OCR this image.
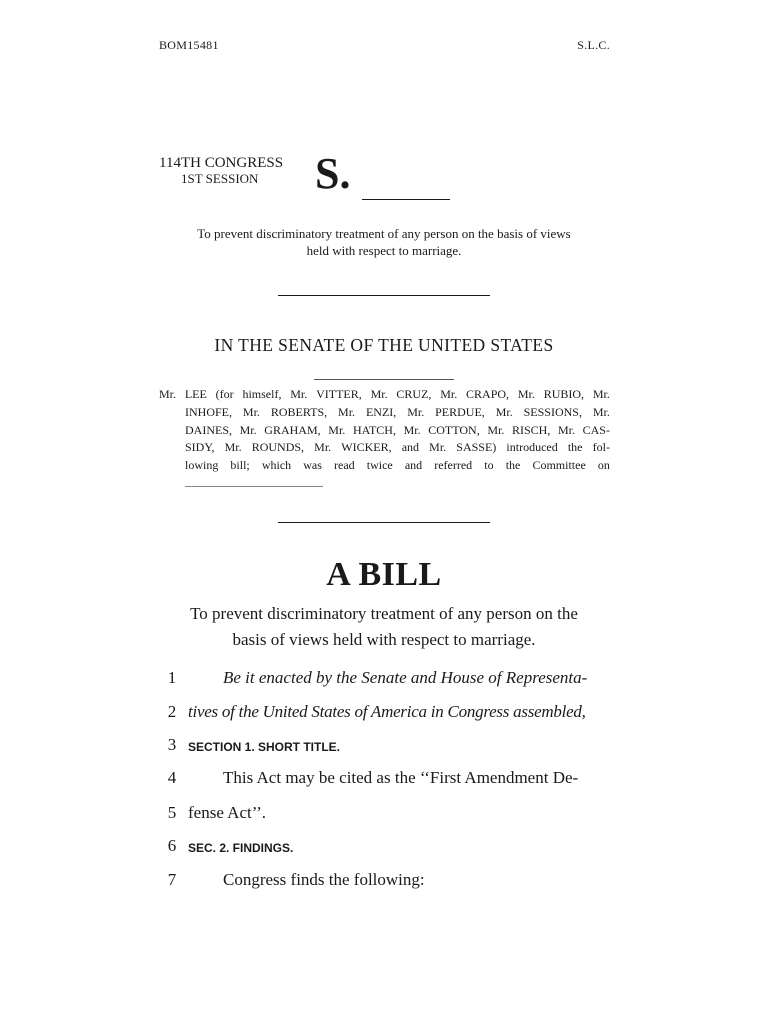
BOM15481	S.L.C.
114TH CONGRESS
1ST SESSION	S.
To prevent discriminatory treatment of any person on the basis of views
held with respect to marriage.
IN THE SENATE OF THE UNITED STATES
Mr. LEE (for himself, Mr. VITTER, Mr. CRUZ, Mr. CRAPO, Mr. RUBIO, Mr.
INHOFE, Mr. ROBERTS, Mr. ENZI, Mr. PERDUE, Mr. SESSIONS, Mr.
DAINES, Mr. GRAHAM, Mr. HATCH, Mr. COTTON, Mr. RISCH, Mr. CAS-
SIDY, Mr. ROUNDS, Mr. WICKER, and Mr. SASSE) introduced the fol-
lowing bill; which was read twice and referred to the Committee on
A BILL
To prevent discriminatory treatment of any person on the
basis of views held with respect to marriage.
1	Be it enacted by the Senate and House of Representa-
2 tives of the United States of America in Congress assembled,
3 SECTION 1. SHORT TITLE.
4	This Act may be cited as the ‘‘First Amendment De-
5 fense Act’’.
6 SEC. 2. FINDINGS.
7	Congress finds the following:
